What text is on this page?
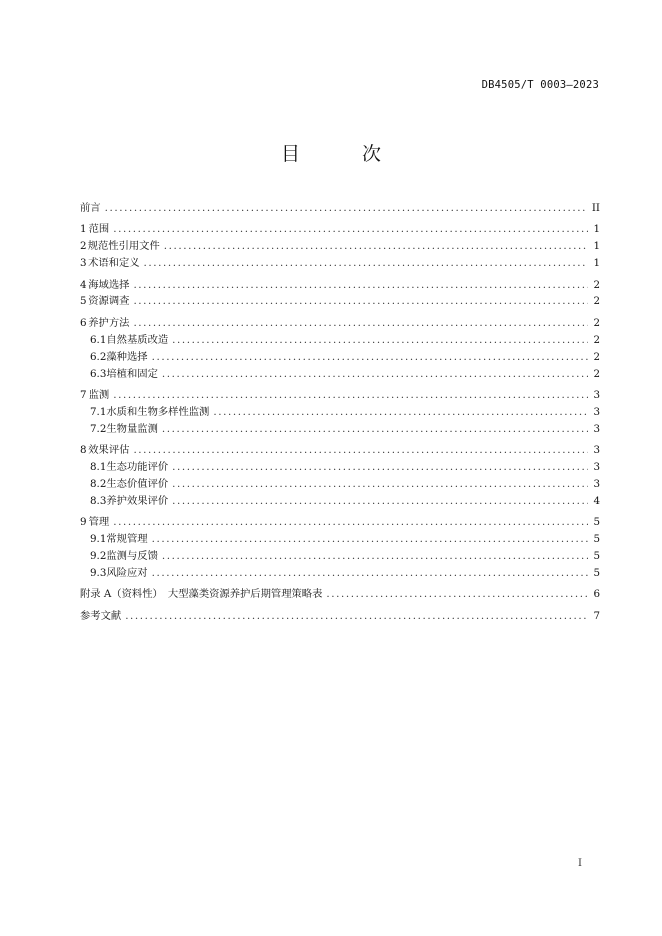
DB4505/T 0003—2023
目 次
前言 .....	II
1 范围 .....	1
2 规范性引用文件 .....	1
3 术语和定义 .....	1
4 海域选择 .....	2
5 资源调查 .....	2
6 养护方法 .....	2
6.1 自然基质改造 .....	2
6.2 藻种选择 .....	2
6.3 培植和固定 .....	2
7 监测 .....	3
7.1 水质和生物多样性监测 .....	3
7.2 生物量监测 .....	3
8 效果评估 .....	3
8.1 生态功能评价 .....	3
8.2 生态价值评价 .....	3
8.3 养护效果评价 .....	4
9 管理 .....	5
9.1 常规管理 .....	5
9.2 监测与反馈 .....	5
9.3 风险应对 .....	5
附录 A（资料性）　大型藻类资源养护后期管理策略表 .....	6
参考文献 .....	7
I
